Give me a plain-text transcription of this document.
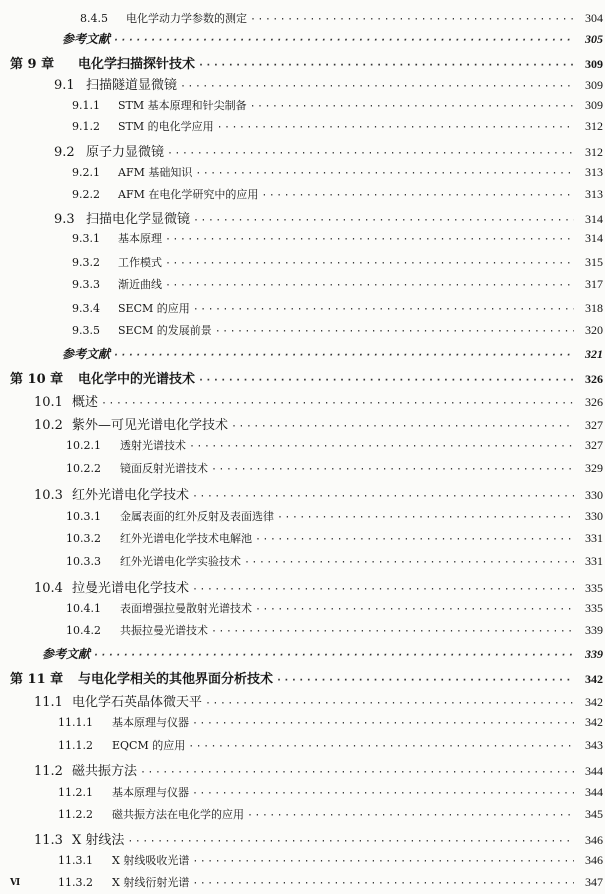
8.4.5	电化学动力学参数的测定 ·····	304
参考文献 ·····	305
第 9 章	电化学扫描探针技术 ·····	309
9.1 扫描隧道显微镜 ·····	309
9.1.1	STM 基本原理和针尖制备 ·····	309
9.1.2	STM 的电化学应用 ·····	312
9.2 原子力显微镜 ·····	312
9.2.1	AFM 基础知识 ·····	313
9.2.2	AFM 在电化学研究中的应用 ·····	313
9.3 扫描电化学显微镜 ·····	314
9.3.1	基本原理 ·····	314
9.3.2	工作模式 ·····	315
9.3.3	渐近曲线 ·····	317
9.3.4	SECM 的应用 ·····	318
9.3.5	SECM 的发展前景 ·····	320
参考文献 ·····	321
第 10 章	电化学中的光谱技术 ·····	326
10.1 概述 ·····	326
10.2 紫外—可见光谱电化学技术 ·····	327
10.2.1	透射光谱技术 ·····	327
10.2.2	镜面反射光谱技术 ·····	329
10.3 红外光谱电化学技术 ·····	330
10.3.1	金属表面的红外反射及表面选律 ·····	330
10.3.2	红外光谱电化学技术电解池 ·····	331
10.3.3	红外光谱电化学实验技术 ·····	331
10.4 拉曼光谱电化学技术 ·····	335
10.4.1	表面增强拉曼散射光谱技术 ·····	335
10.4.2	共振拉曼光谱技术 ·····	339
参考文献 ·····	339
第 11 章	与电化学相关的其他界面分析技术 ·····	342
11.1 电化学石英晶体微天平 ·····	342
11.1.1	基本原理与仪器 ·····	342
11.1.2	EQCM 的应用 ·····	343
11.2 磁共振方法 ·····	344
11.2.1	基本原理与仪器 ·····	344
11.2.2	磁共振方法在电化学的应用 ·····	345
11.3 X 射线法 ·····	346
11.3.1	X 射线吸收光谱 ·····	346
11.3.2	X 射线衍射光谱 ·····	347
VI
